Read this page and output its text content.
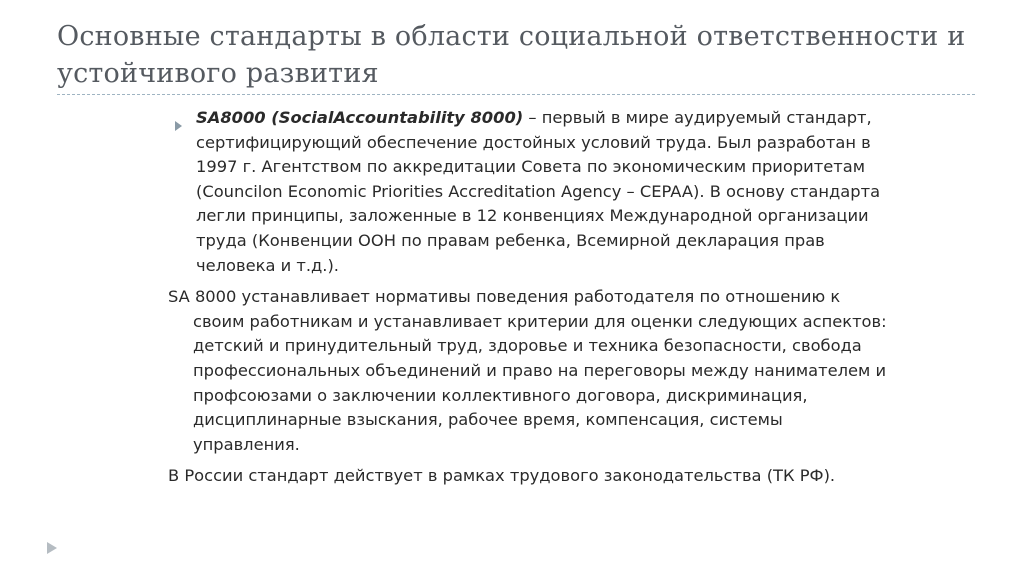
Основные стандарты в области социальной ответственности и устойчивого развития

SA8000 (SocialAccountability 8000) – первый в мире аудируемый стандарт, сертифицирующий обеспечение достойных условий труда. Был разработан в 1997 г. Агентством по аккредитации Совета по экономическим приоритетам (Councilon Economic Priorities Accreditation Agency – CEPAA). В основу стандарта легли принципы, заложенные в 12 конвенциях Международной организации труда (Конвенции ООН по правам ребенка, Всемирной декларация прав человека и т.д.).

SA 8000 устанавливает нормативы поведения работодателя по отношению к своим работникам и устанавливает критерии для оценки следующих аспектов: детский и принудительный труд, здоровье и техника безопасности, свобода профессиональных объединений и право на переговоры между нанимателем и профсоюзами о заключении коллективного договора, дискриминация, дисциплинарные взыскания, рабочее время, компенсация, системы управления.

В России стандарт действует в рамках трудового законодательства (ТК РФ).
